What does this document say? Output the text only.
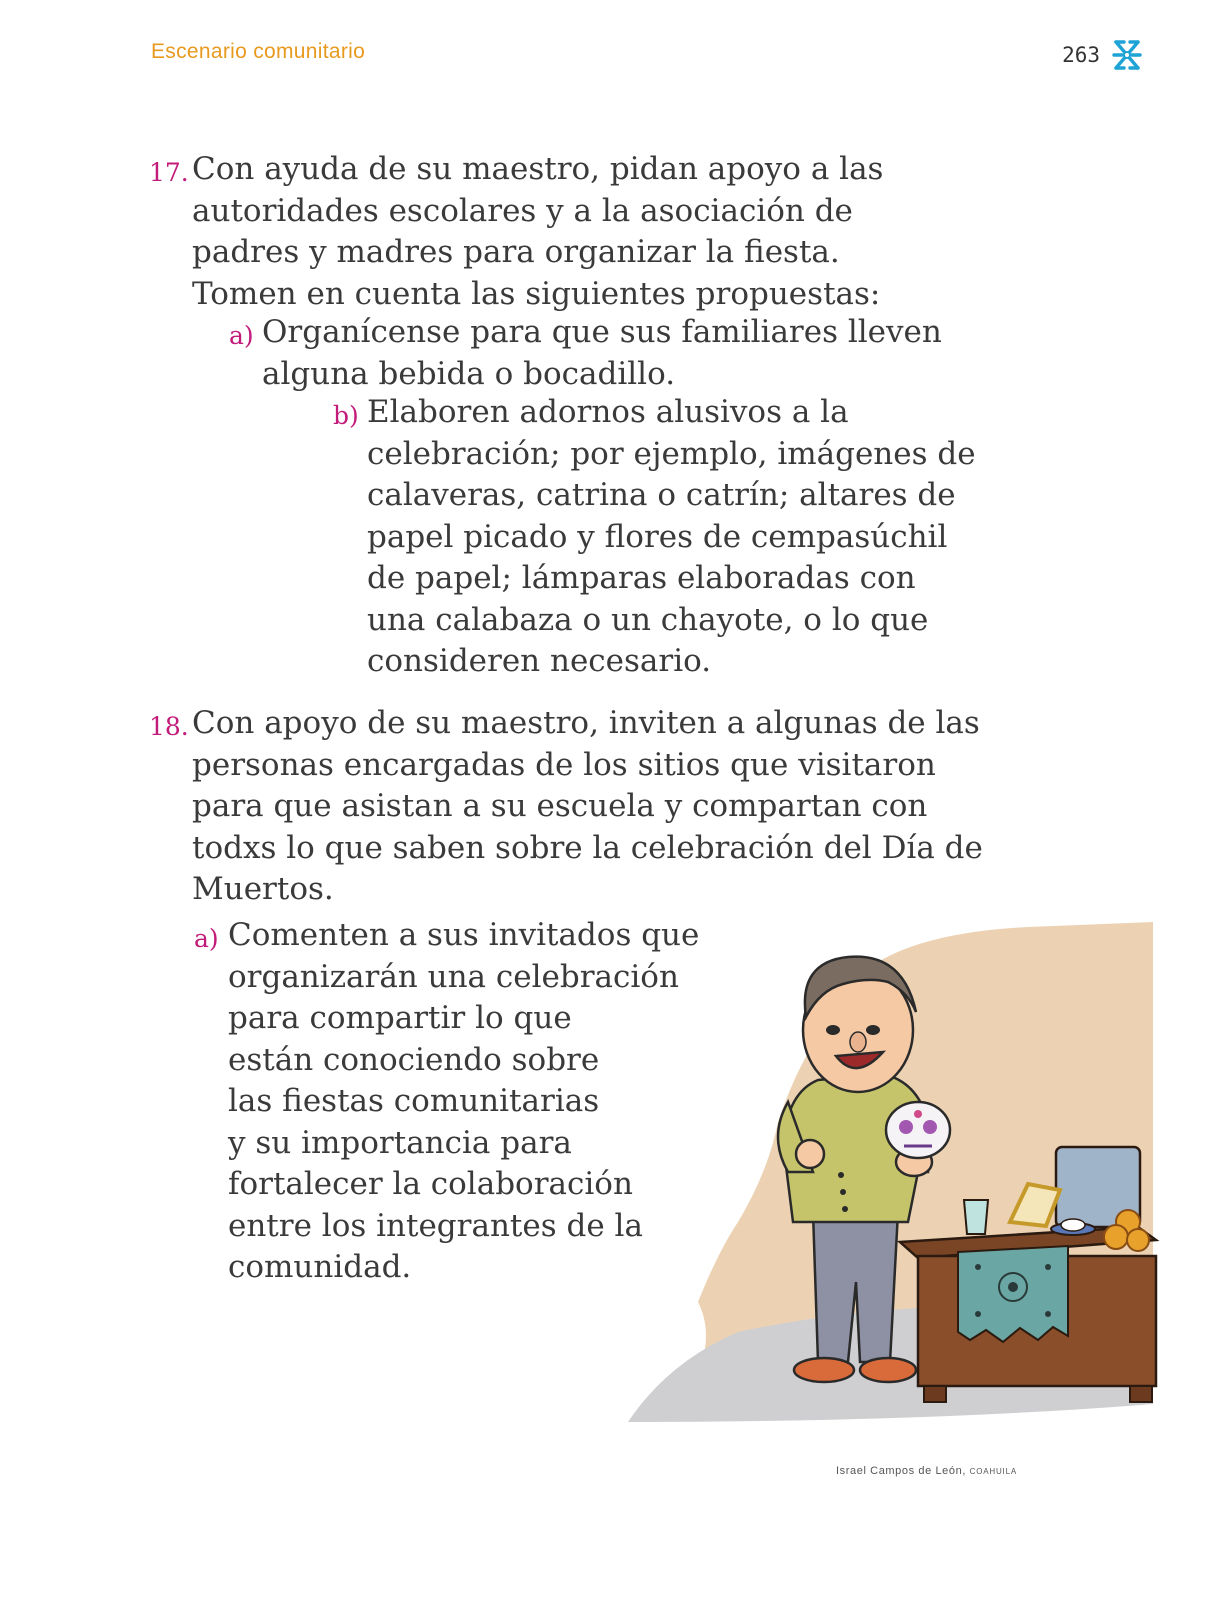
Escenario comunitario	263
17. Con ayuda de su maestro, pidan apoyo a las
autoridades escolares y a la asociación de
padres y madres para organizar la fiesta.
Tomen en cuenta las siguientes propuestas:
a) Organícense para que sus familiares lleven
alguna bebida o bocadillo.
b) Elaboren adornos alusivos a la
celebración; por ejemplo, imágenes de
calaveras, catrina o catrín; altares de
papel picado y flores de cempasúchil
de papel; lámparas elaboradas con
una calabaza o un chayote, o lo que
consideren necesario.
18. Con apoyo de su maestro, inviten a algunas de las
personas encargadas de los sitios que visitaron
para que asistan a su escuela y compartan con
todxs lo que saben sobre la celebración del Día de
Muertos.
a) Comenten a sus invitados que
organizarán una celebración
para compartir lo que
están conociendo sobre
las fiestas comunitarias
y su importancia para
fortalecer la colaboración
entre los integrantes de la
comunidad.
Israel Campos de León, COAHUILA
